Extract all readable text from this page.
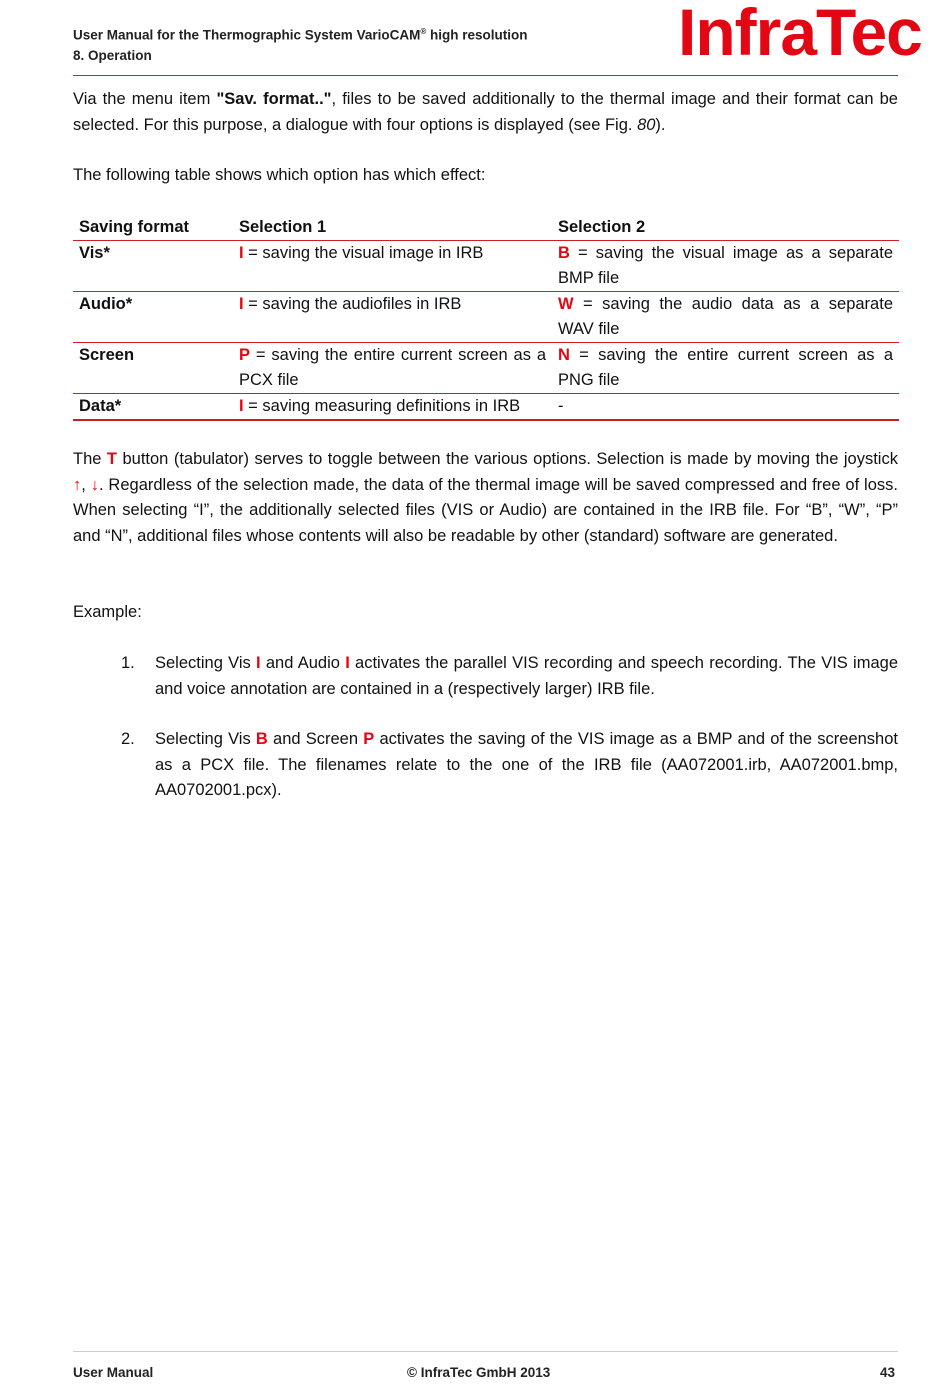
User Manual for the Thermographic System VarioCAM® high resolution
8. Operation	InfraTec
Via the menu item "Sav. format..", files to be saved additionally to the thermal image and their format can be selected. For this purpose, a dialogue with four options is displayed (see Fig. 80).
The following table shows which option has which effect:
Saving format	Selection 1	Selection 2
Vis*	I = saving the visual image in IRB	B = saving the visual image as a separate BMP file
Audio*	I = saving the audiofiles in IRB	W = saving the audio data as a separate WAV file
Screen	P = saving the entire current screen as a PCX file	N = saving the entire current screen as a PNG file
Data*	I = saving measuring definitions in IRB	-
The T button (tabulator) serves to toggle between the various options. Selection is made by moving the joystick ↑, ↓. Regardless of the selection made, the data of the thermal image will be saved compressed and free of loss. When selecting “I”, the additionally selected files (VIS or Audio) are contained in the IRB file. For “B”, “W”, “P” and “N”, additional files whose contents will also be readable by other (standard) software are generated.
Example:
1. Selecting Vis I and Audio I activates the parallel VIS recording and speech recording. The VIS image and voice annotation are contained in a (respectively larger) IRB file.
2. Selecting Vis B and Screen P activates the saving of the VIS image as a BMP and of the screenshot as a PCX file. The filenames relate to the one of the IRB file (AA072001.irb, AA072001.bmp, AA0702001.pcx).
User Manual	© InfraTec GmbH 2013	43
